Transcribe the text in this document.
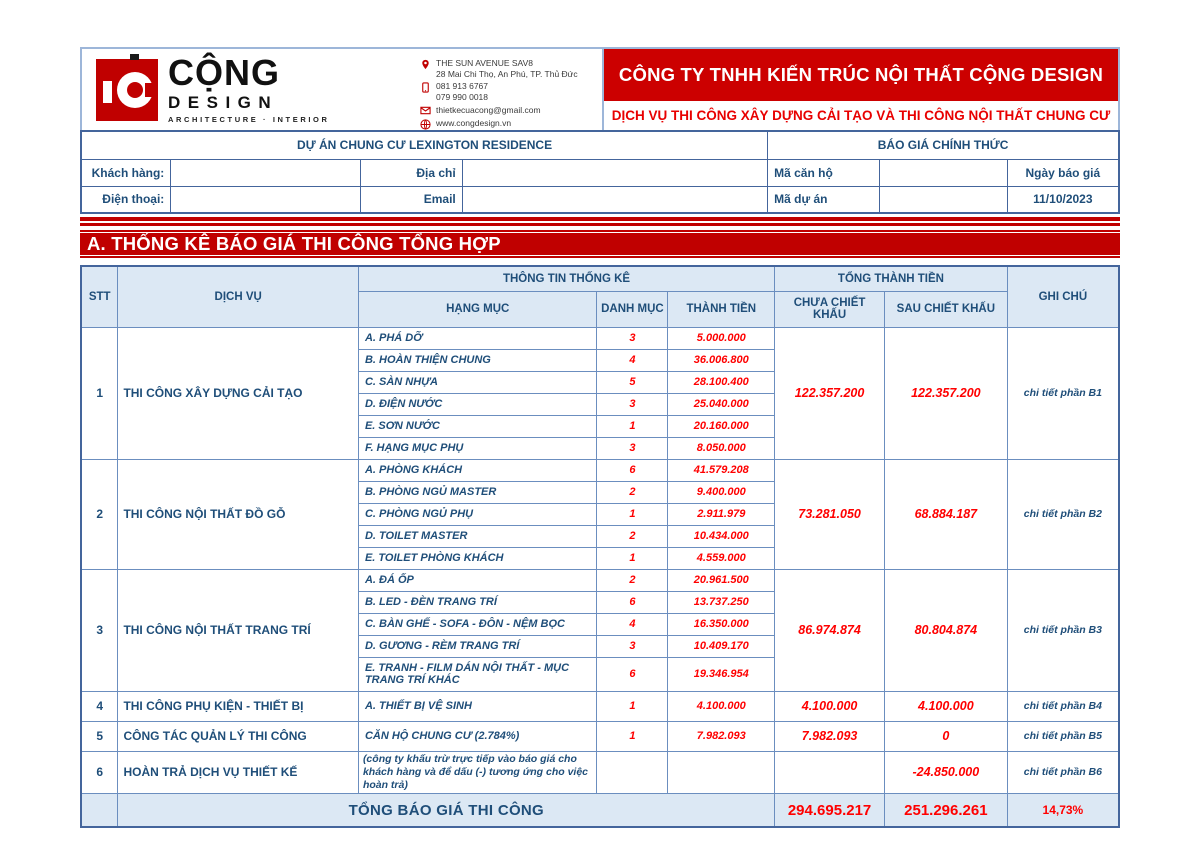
CỘNG
DESIGN
ARCHITECTURE · INTERIOR
THE SUN AVENUE SAV8
28 Mai Chi Thọ, An Phú, TP. Thủ Đức
081 913 6767
079 990 0018
thietkecuacong@gmail.com
www.congdesign.vn
CÔNG TY TNHH KIẾN TRÚC NỘI THẤT CỘNG DESIGN
DỊCH VỤ THI CÔNG XÂY DỰNG CẢI TẠO VÀ THI CÔNG NỘI THẤT CHUNG CƯ
DỰ ÁN CHUNG CƯ LEXINGTON RESIDENCE				BÁO GIÁ CHÍNH THỨC		
Khách hàng:		Địa chỉ		Mã căn hộ		Ngày báo giá
Điện thoại:		Email		Mã dự án		11/10/2023
A. THỐNG KÊ BÁO GIÁ THI CÔNG TỔNG HỢP
STT	DỊCH VỤ	THÔNG TIN THỐNG KÊ			TỔNG THÀNH TIỀN		GHI CHÚ
		HẠNG MỤC	DANH MỤC	THÀNH TIỀN	CHƯA CHIẾT KHẤU	SAU CHIẾT KHẤU	
1	THI CÔNG XÂY DỰNG CẢI TẠO	A. PHÁ DỠ	3	5.000.000	122.357.200	122.357.200	chi tiết phần B1
		B. HOÀN THIỆN CHUNG	4	36.006.800			
		C. SÀN NHỰA	5	28.100.400			
		D. ĐIỆN NƯỚC	3	25.040.000			
		E. SƠN NƯỚC	1	20.160.000			
		F. HẠNG MỤC PHỤ	3	8.050.000			
2	THI CÔNG NỘI THẤT ĐỒ GỖ	A. PHÒNG KHÁCH	6	41.579.208	73.281.050	68.884.187	chi tiết phần B2
		B. PHÒNG NGỦ MASTER	2	9.400.000			
		C. PHÒNG NGỦ PHỤ	1	2.911.979			
		D. TOILET MASTER	2	10.434.000			
		E. TOILET PHÒNG KHÁCH	1	4.559.000			
3	THI CÔNG NỘI THẤT TRANG TRÍ	A. ĐÁ ỐP	2	20.961.500	86.974.874	80.804.874	chi tiết phần B3
		B. LED - ĐÈN TRANG TRÍ	6	13.737.250			
		C. BÀN GHẾ - SOFA - ĐÔN - NỆM BỌC	4	16.350.000			
		D. GƯƠNG - RÈM TRANG TRÍ	3	10.409.170			
		E. TRANH - FILM DÁN NỘI THẤT - MỤC TRANG TRÍ KHÁC	6	19.346.954			
4	THI CÔNG PHỤ KIỆN - THIẾT BỊ	A. THIẾT BỊ VỆ SINH	1	4.100.000	4.100.000	4.100.000	chi tiết phần B4
5	CÔNG TÁC QUẢN LÝ THI CÔNG	CĂN HỘ CHUNG CƯ (2.784%)	1	7.982.093	7.982.093	0	chi tiết phần B5
6	HOÀN TRẢ DỊCH VỤ THIẾT KẾ	(công ty khấu trừ trực tiếp vào báo giá cho khách hàng và để dấu (-) tương ứng cho việc hoàn trả)				-24.850.000	chi tiết phần B6
	TỔNG BÁO GIÁ THI CÔNG				294.695.217	251.296.261	14,73%
